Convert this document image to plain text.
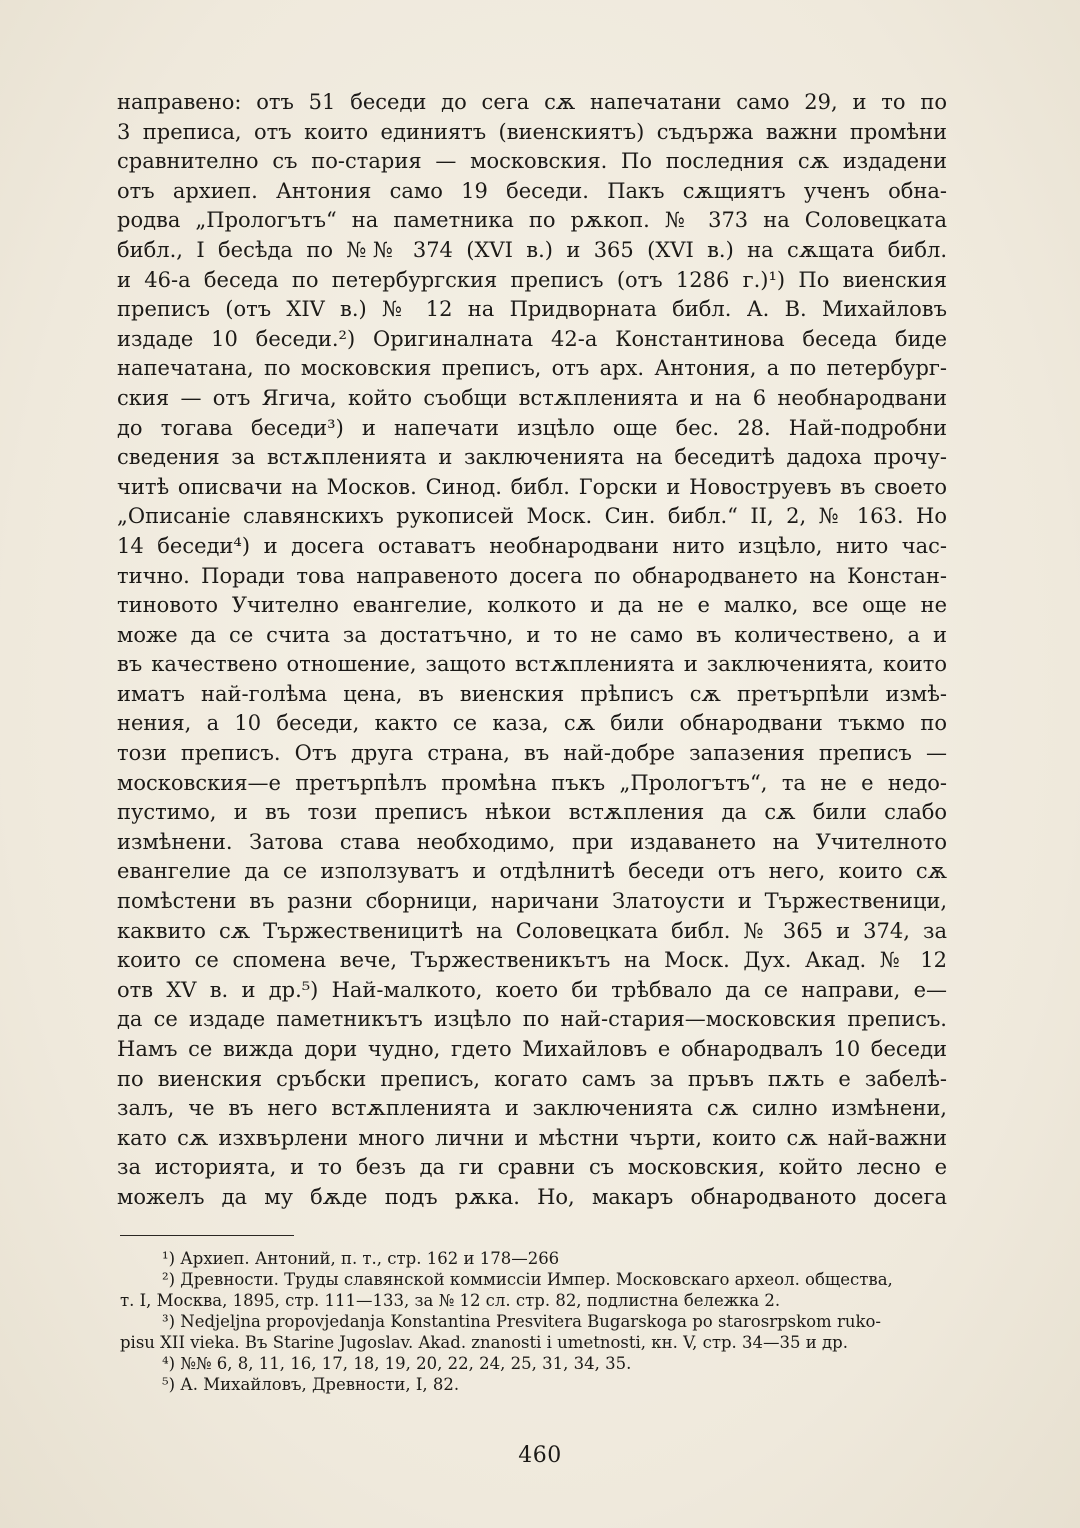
направено: отъ 51 беседи до сега сѫ напечатани само 29, и то по
3 преписа, отъ които единиятъ (виенскиятъ) съдържа важни промѣни
сравнително съ по-стария — московския. По последния сѫ издадени
отъ архиеп. Антония само 19 беседи. Пакъ сѫщиятъ ученъ обна-
родва „Прологътъ“ на паметника по рѫкоп. № 373 на Соловецката
библ., I бесѣда по №№ 374 (XVI в.) и 365 (XVI в.) на сѫщата библ.
и 46-а беседа по петербургския преписъ (отъ 1286 г.)¹) По виенския
преписъ (отъ XIV в.) № 12 на Придворната библ. А. В. Михайловъ
издаде 10 беседи.²) Оригиналната 42-а Константинова беседа биде
напечатана, по московския преписъ, отъ арх. Антония, а по петербург-
ския — отъ Ягича, който съобщи встѫпленията и на 6 необнародвани
до тогава беседи³) и напечати изцѣло още бес. 28. Най-подробни
сведения за встѫпленията и заключенията на беседитѣ дадоха прочу-
читѣ описвачи на Москов. Синод. библ. Горски и Новоструевъ въ своето
„Описаніе славянскихъ рукописей Моск. Син. библ.“ II, 2, № 163. Но
14 беседи⁴) и досега оставатъ необнародвани нито изцѣло, нито час-
тично. Поради това направеното досега по обнародването на Констан-
тиновото Учително евангелие, колкото и да не е малко, все още не
може да се счита за достатъчно, и то не само въ количествено, а и
въ качествено отношение, защото встѫпленията и заключенията, които
иматъ най-голѣма цена, въ виенския прѣписъ сѫ претърпѣли измѣ-
нения, а 10 беседи, както се каза, сѫ били обнародвани тъкмо по
този преписъ. Отъ друга страна, въ най-добре запазения преписъ —
московския—е претърпѣлъ промѣна пъкъ „Прологътъ“, та не е недо-
пустимо, и въ този преписъ нѣкои встѫпления да сѫ били слабо
измѣнени. Затова става необходимо, при издаването на Учителното
евангелие да се използуватъ и отдѣлнитѣ беседи отъ него, които сѫ
помѣстени въ разни сборници, наричани Златоусти и Тържественици,
каквито сѫ Тържественицитѣ на Соловецката библ. № 365 и 374, за
които се спомена вече, Тържественикътъ на Моск. Дух. Акад. № 12
отв XV в. и др.⁵) Най-малкото, което би трѣбвало да се направи, е—
да се издаде паметникътъ изцѣло по най-стария—московския преписъ.
Намъ се вижда дори чудно, гдето Михайловъ е обнародвалъ 10 беседи
по виенския сръбски преписъ, когато самъ за пръвъ пѫть е забелѣ-
залъ, че въ него встѫпленията и заключенията сѫ силно измѣнени,
като сѫ изхвърлени много лични и мѣстни чърти, които сѫ най-важни
за историята, и то безъ да ги сравни съ московския, който лесно е
можелъ да му бѫде подъ рѫка. Но, макаръ обнародваното досега
¹) Архиеп. Антоний, п. т., стр. 162 и 178—266
²) Древности. Труды славянской коммиссіи Импер. Московскагo археол. общества,
т. I, Москва, 1895, стр. 111—133, за № 12 сл. стр. 82, подлистна бележка 2.
³) Nedjeljna propovjedanja Konstantina Presvitera Bugarskoga po starosrpskom ruko-
pisu XII vieka. Въ Starine Jugoslav. Akad. znanosti i umetnosti, кн. V, стр. 34—35 и др.
⁴) №№ 6, 8, 11, 16, 17, 18, 19, 20, 22, 24, 25, 31, 34, 35.
⁵) А. Михайловъ, Древности, I, 82.
460
